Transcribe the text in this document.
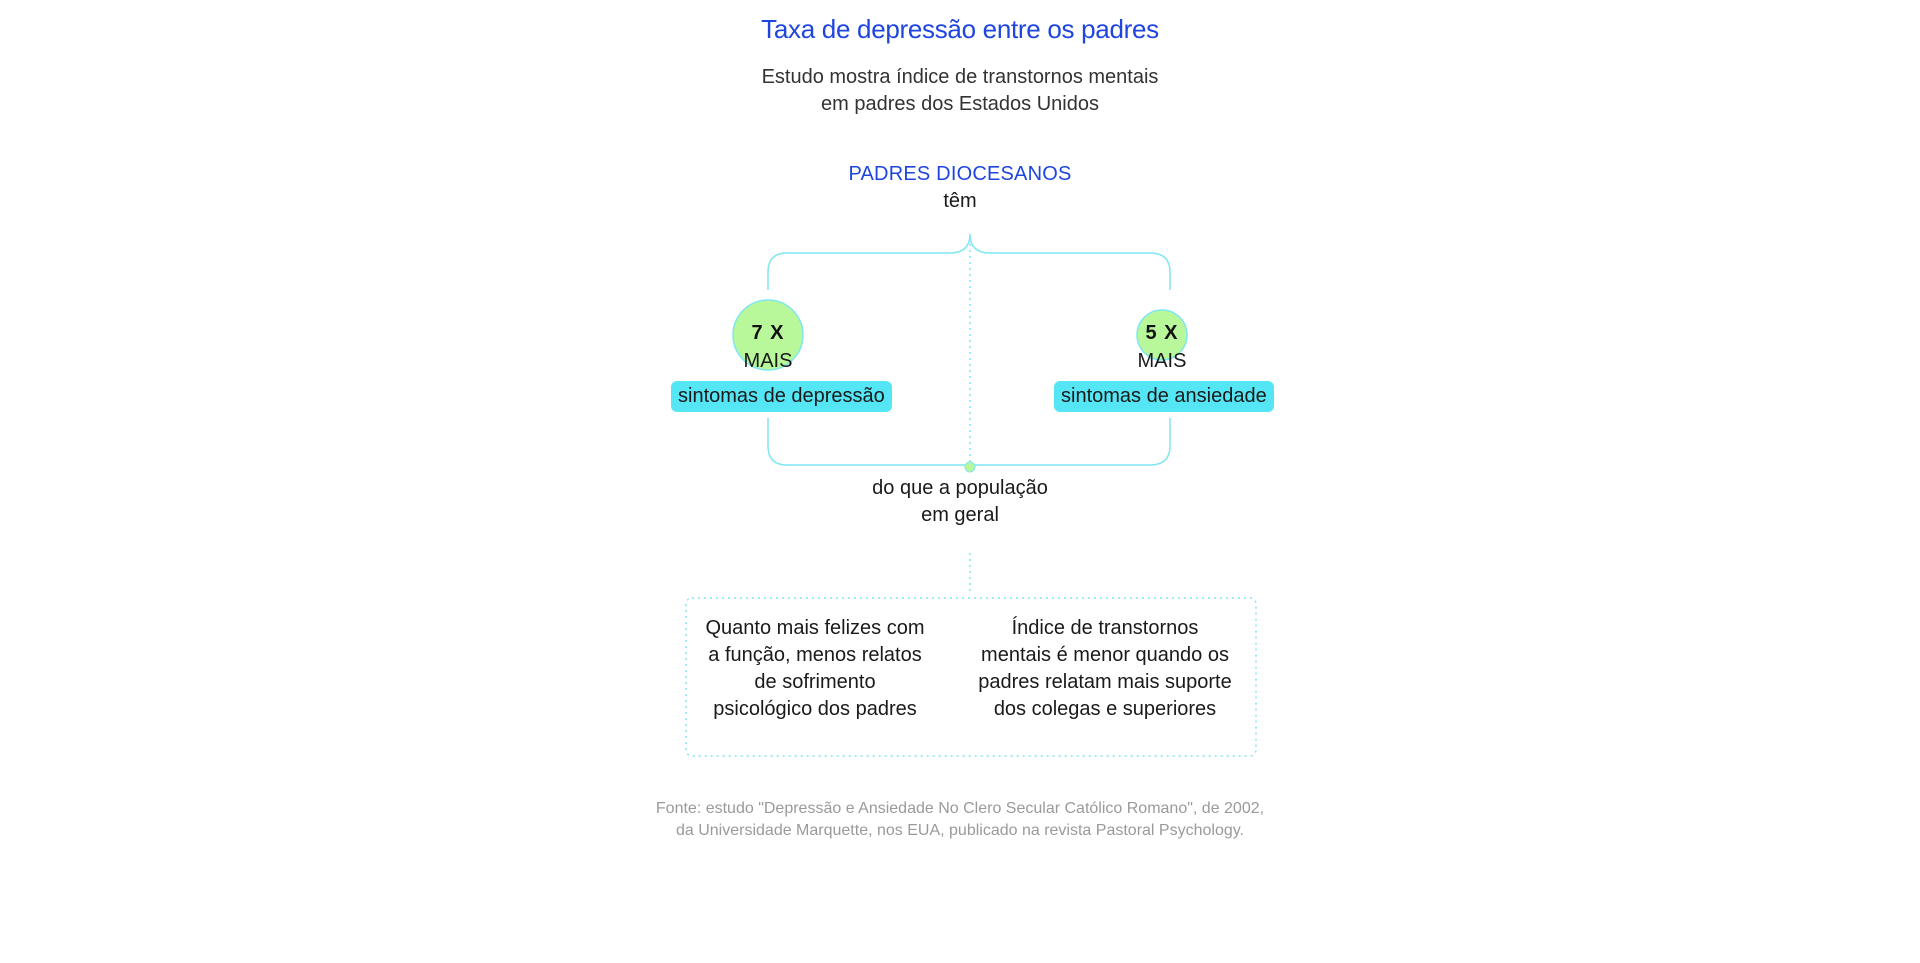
Taxa de depressão entre os padres
Estudo mostra índice de transtornos mentais
em padres dos Estados Unidos
PADRES DIOCESANOS
têm
7 X
MAIS
sintomas de depressão
5 X
MAIS
sintomas de ansiedade
do que a população
em geral
Quanto mais felizes com
a função, menos relatos
de sofrimento
psicológico dos padres
Índice de transtornos
mentais é menor quando os
padres relatam mais suporte
dos colegas e superiores
Fonte: estudo "Depressão e Ansiedade No Clero Secular Católico Romano", de 2002,
da Universidade Marquette, nos EUA, publicado na revista Pastoral Psychology.
